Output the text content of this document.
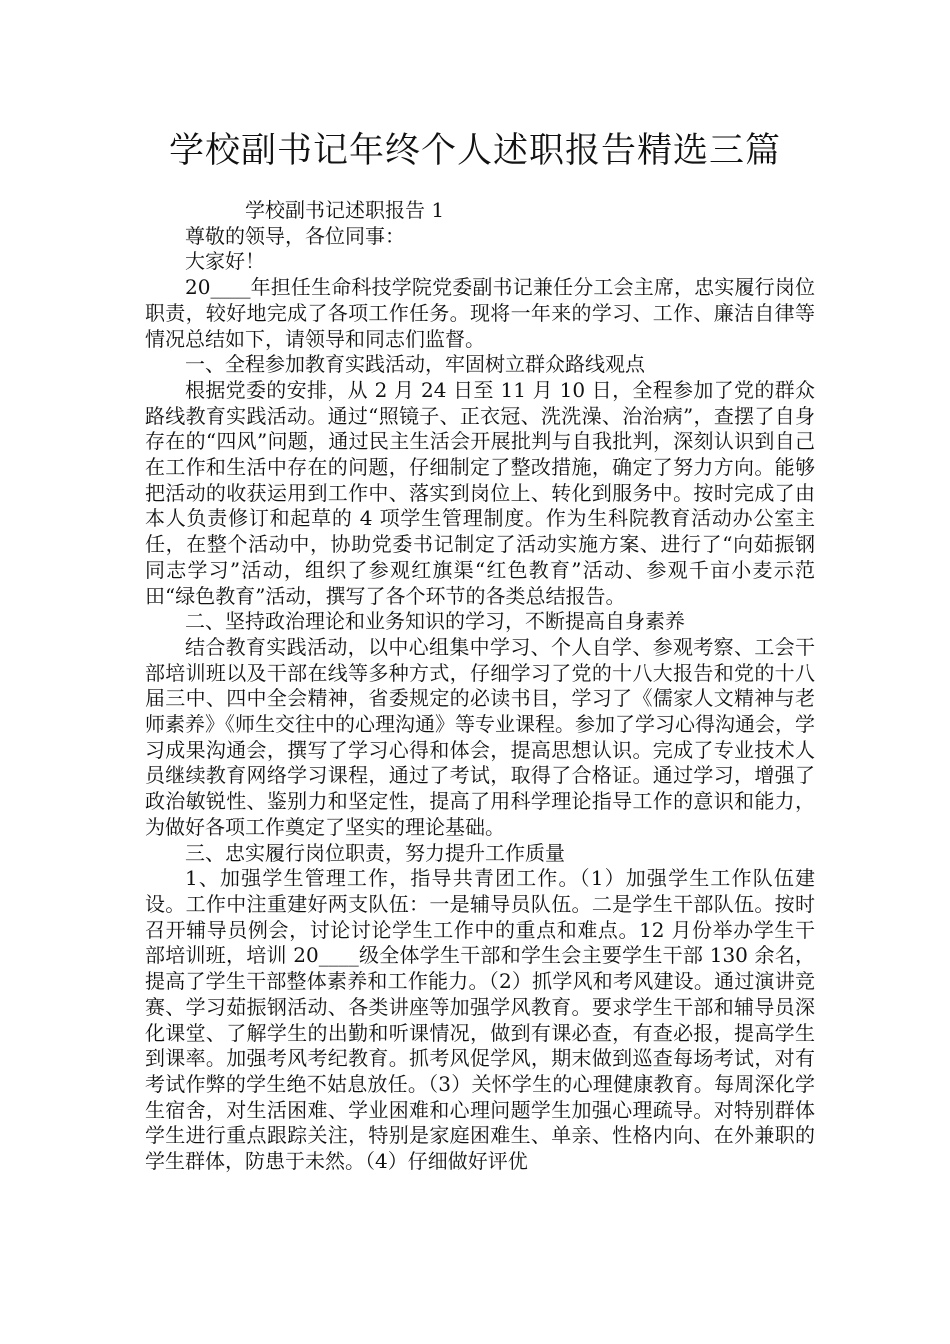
学校副书记年终个人述职报告精选三篇

学校副书记述职报告 1

尊敬的领导，各位同事：

大家好！

20____年担任生命科技学院党委副书记兼任分工会主席，忠实履行岗位职责，较好地完成了各项工作任务。现将一年来的学习、工作、廉洁自律等情况总结如下，请领导和同志们监督。

一、全程参加教育实践活动，牢固树立群众路线观点

根据党委的安排，从 2 月 24 日至 11 月 10 日，全程参加了党的群众路线教育实践活动。通过“照镜子、正衣冠、洗洗澡、治治病”，查摆了自身存在的“四风”问题，通过民主生活会开展批判与自我批判，深刻认识到自己在工作和生活中存在的问题，仔细制定了整改措施，确定了努力方向。能够把活动的收获运用到工作中、落实到岗位上、转化到服务中。按时完成了由本人负责修订和起草的 4 项学生管理制度。作为生科院教育活动办公室主任，在整个活动中，协助党委书记制定了活动实施方案、进行了“向茹振钢同志学习”活动，组织了参观红旗渠“红色教育”活动、参观千亩小麦示范田“绿色教育”活动，撰写了各个环节的各类总结报告。

二、坚持政治理论和业务知识的学习，不断提高自身素养

结合教育实践活动，以中心组集中学习、个人自学、参观考察、工会干部培训班以及干部在线等多种方式，仔细学习了党的十八大报告和党的十八届三中、四中全会精神，省委规定的必读书目，学习了《儒家人文精神与老师素养》《师生交往中的心理沟通》等专业课程。参加了学习心得沟通会，学习成果沟通会，撰写了学习心得和体会，提高思想认识。完成了专业技术人员继续教育网络学习课程，通过了考试，取得了合格证。通过学习，增强了政治敏锐性、鉴别力和坚定性，提高了用科学理论指导工作的意识和能力，为做好各项工作奠定了坚实的理论基础。

三、忠实履行岗位职责，努力提升工作质量

1、加强学生管理工作，指导共青团工作。（1）加强学生工作队伍建设。工作中注重建好两支队伍：一是辅导员队伍。二是学生干部队伍。按时召开辅导员例会，讨论讨论学生工作中的重点和难点。12 月份举办学生干部培训班，培训 20____级全体学生干部和学生会主要学生干部 130 余名，提高了学生干部整体素养和工作能力。（2）抓学风和考风建设。通过演讲竞赛、学习茹振钢活动、各类讲座等加强学风教育。要求学生干部和辅导员深化课堂、了解学生的出勤和听课情况，做到有课必查，有查必报，提高学生到课率。加强考风考纪教育。抓考风促学风，期末做到巡查每场考试，对有考试作弊的学生绝不姑息放任。（3）关怀学生的心理健康教育。每周深化学生宿舍，对生活困难、学业困难和心理问题学生加强心理疏导。对特别群体学生进行重点跟踪关注，特别是家庭困难生、单亲、性格内向、在外兼职的学生群体，防患于未然。（4）仔细做好评优
